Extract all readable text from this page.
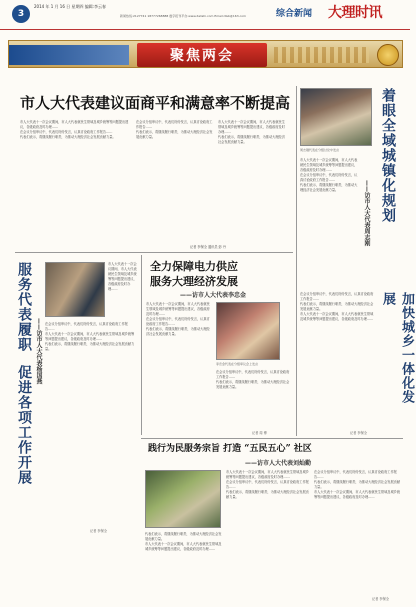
3
2014 年 1 月 16 日 星期四 编辑:李云春
新闻热线:2127741 18777268888 数字报刊平台:www.dalishi.com Email:dlsb@163.com	综合新闻 大理时讯
聚焦两会
市人大代表建议面商平和满意率不断提高

市人大代表十一次会议期间，市人大代表就民生领域及城乡统筹等问题提出建议，各级政府及时办理……

在会议分组审议中，代表们纷纷发言，认真讨论政府工作报告……

代表们表示，将继续履行职责，为推动大理经济社会发展贡献力量。

在会议分组审议中，代表们纷纷发言，认真讨论政府工作报告……

代表们表示，将继续履行职责，为推动大理经济社会发展贡献力量。

市人大代表十一次会议期间，市人大代表就民生领域及城乡统筹等问题提出建议，各级政府及时办理……

代表们表示，将继续履行职责，为推动大理经济社会发展贡献力量。

记者 李保全 通讯员 彭 丹
着眼全域城镇化规划
周志刚代表在分组讨论中发言

市人大代表十一次会议期间，市人大代表就民生领域及城乡统筹等问题提出建议，各级政府及时办理……

在会议分组审议中，代表们纷纷发言，认真讨论政府工作报告……

代表们表示，将继续履行职责，为推动大理经济社会发展贡献力量。	——访市人大代表周志刚
加快城乡一体化发展

在会议分组审议中，代表们纷纷发言，认真讨论政府工作报告……

代表们表示，将继续履行职责，为推动大理经济社会发展贡献力量。

市人大代表十一次会议期间，市人大代表就民生领域及城乡统筹等问题提出建议，各级政府及时办理……

记者 李保全
服务代表履职
促进各项工作开展
——访市人大代表杨国燕

市人大代表十一次会议期间，市人大代表就民生领域及城乡统筹等问题提出建议，各级政府及时办理……

在会议分组审议中，代表们纷纷发言，认真讨论政府工作报告……

市人大代表十一次会议期间，市人大代表就民生领域及城乡统筹等问题提出建议，各级政府及时办理……

代表们表示，将继续履行职责，为推动大理经济社会发展贡献力量。

记者 李保全
全力保障电力供应
服务大理经济发展
——访市人大代表李忠金

市人大代表十一次会议期间，市人大代表就民生领域及城乡统筹等问题提出建议，各级政府及时办理……

在会议分组审议中，代表们纷纷发言，认真讨论政府工作报告……

代表们表示，将继续履行职责，为推动大理经济社会发展贡献力量。

李忠金代表在分组审议会上发言

在会议分组审议中，代表们纷纷发言，认真讨论政府工作报告……

代表们表示，将继续履行职责，为推动大理经济社会发展贡献力量。

记者 周 博
践行为民服务宗旨 打造 “五民五心” 社区
——访市人大代表刘灿勤

市人大代表十一次会议期间，市人大代表就民生领域及城乡统筹等问题提出建议，各级政府及时办理……

在会议分组审议中，代表们纷纷发言，认真讨论政府工作报告……

代表们表示，将继续履行职责，为推动大理经济社会发展贡献力量。

在会议分组审议中，代表们纷纷发言，认真讨论政府工作报告……

代表们表示，将继续履行职责，为推动大理经济社会发展贡献力量。

市人大代表十一次会议期间，市人大代表就民生领域及城乡统筹等问题提出建议，各级政府及时办理……

代表们表示，将继续履行职责，为推动大理经济社会发展贡献力量。

市人大代表十一次会议期间，市人大代表就民生领域及城乡统筹等问题提出建议，各级政府及时办理……

记者 李保全
